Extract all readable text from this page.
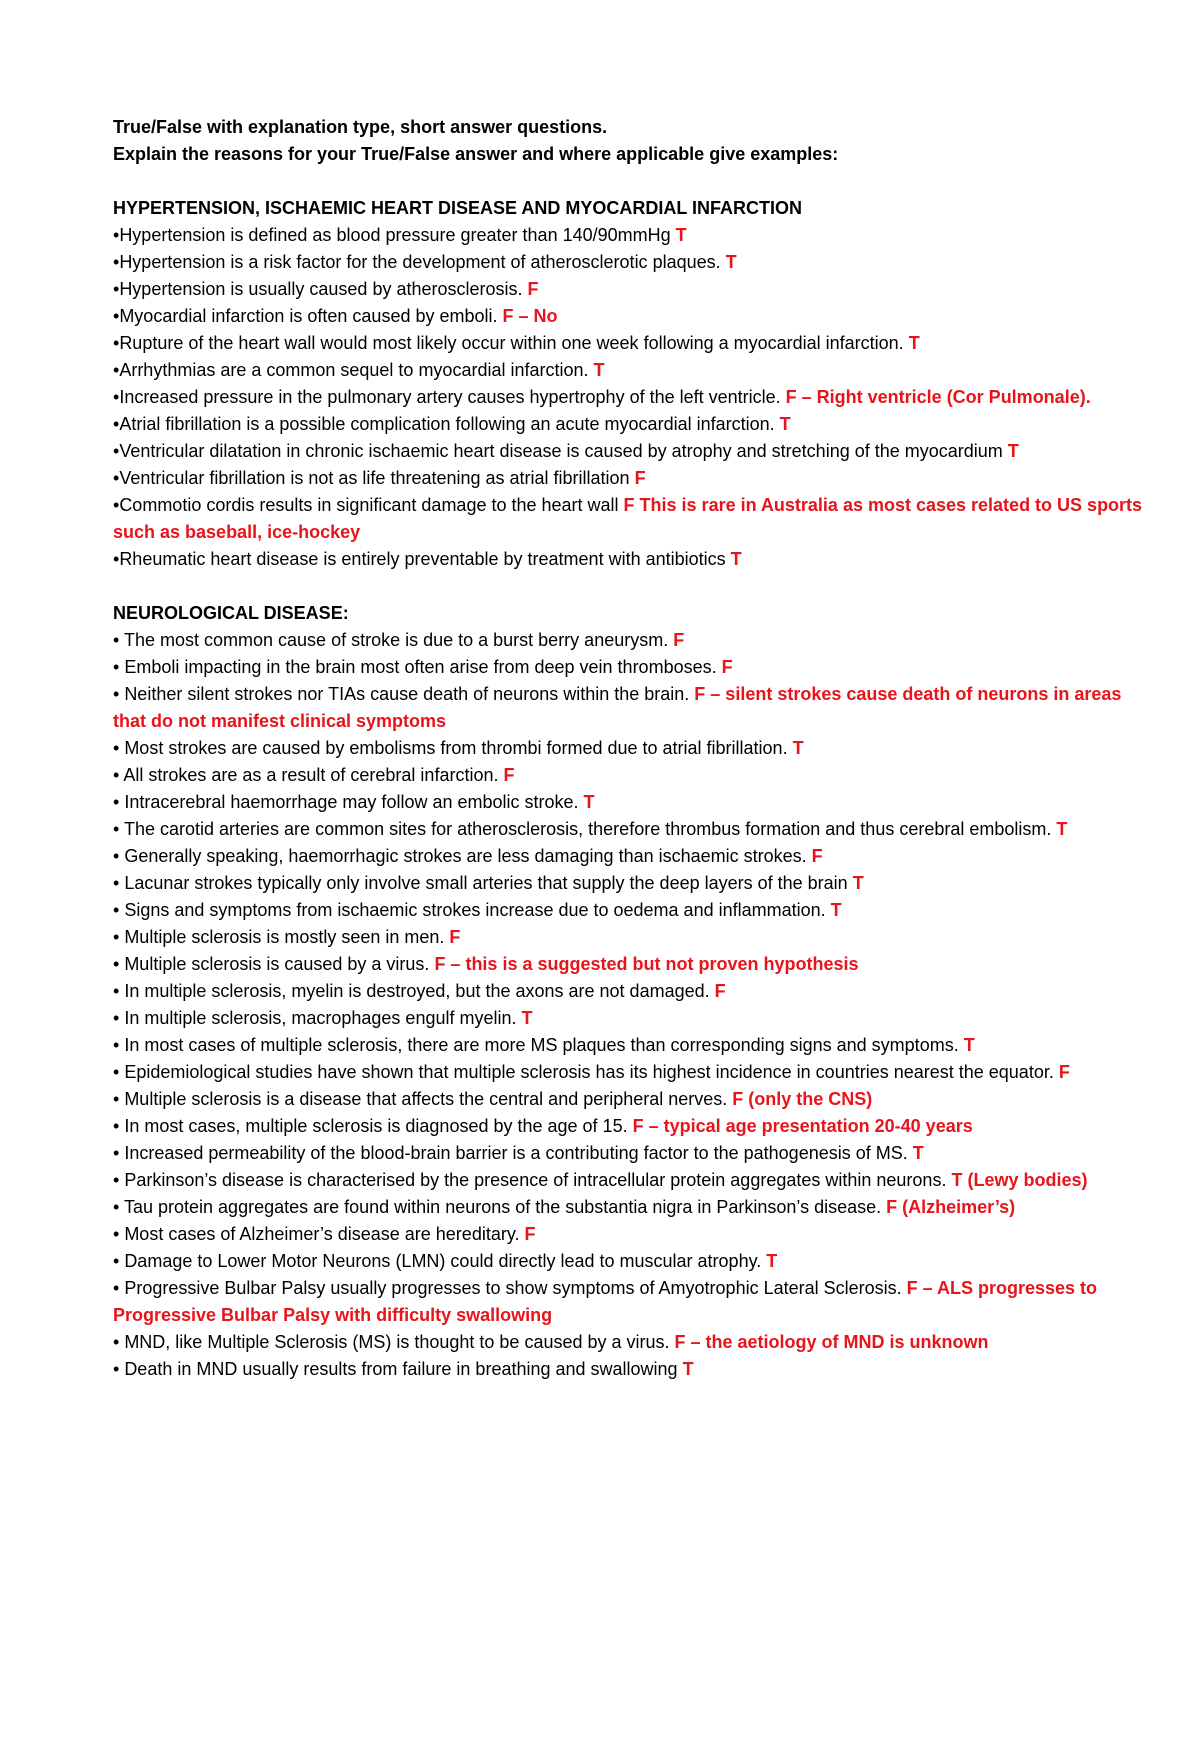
True/False with explanation type, short answer questions.
Explain the reasons for your True/False answer and where applicable give examples:
HYPERTENSION, ISCHAEMIC HEART DISEASE AND MYOCARDIAL INFARCTION
•Hypertension is defined as blood pressure greater than 140/90mmHg T
•Hypertension is a risk factor for the development of atherosclerotic plaques. T
•Hypertension is usually caused by atherosclerosis. F
•Myocardial infarction is often caused by emboli. F – No
•Rupture of the heart wall would most likely occur within one week following a myocardial infarction. T
•Arrhythmias are a common sequel to myocardial infarction. T
•Increased pressure in the pulmonary artery causes hypertrophy of the left ventricle. F – Right ventricle (Cor Pulmonale).
•Atrial fibrillation is a possible complication following an acute myocardial infarction. T
•Ventricular dilatation in chronic ischaemic heart disease is caused by atrophy and stretching of the myocardium T
•Ventricular fibrillation is not as life threatening as atrial fibrillation F
•Commotio cordis results in significant damage to the heart wall F This is rare in Australia as most cases related to US sports such as baseball, ice-hockey
•Rheumatic heart disease is entirely preventable by treatment with antibiotics T
NEUROLOGICAL DISEASE:
• The most common cause of stroke is due to a burst berry aneurysm. F
• Emboli impacting in the brain most often arise from deep vein thromboses. F
• Neither silent strokes nor TIAs cause death of neurons within the brain. F – silent strokes cause death of neurons in areas that do not manifest clinical symptoms
• Most strokes are caused by embolisms from thrombi formed due to atrial fibrillation. T
• All strokes are as a result of cerebral infarction. F
• Intracerebral haemorrhage may follow an embolic stroke. T
• The carotid arteries are common sites for atherosclerosis, therefore thrombus formation and thus cerebral embolism. T
• Generally speaking, haemorrhagic strokes are less damaging than ischaemic strokes. F
• Lacunar strokes typically only involve small arteries that supply the deep layers of the brain T
• Signs and symptoms from ischaemic strokes increase due to oedema and inflammation. T
• Multiple sclerosis is mostly seen in men. F
• Multiple sclerosis is caused by a virus. F – this is a suggested but not proven hypothesis
• In multiple sclerosis, myelin is destroyed, but the axons are not damaged. F
• In multiple sclerosis, macrophages engulf myelin. T
• In most cases of multiple sclerosis, there are more MS plaques than corresponding signs and symptoms. T
• Epidemiological studies have shown that multiple sclerosis has its highest incidence in countries nearest the equator. F
• Multiple sclerosis is a disease that affects the central and peripheral nerves. F (only the CNS)
• In most cases, multiple sclerosis is diagnosed by the age of 15. F – typical age presentation 20-40 years
• Increased permeability of the blood-brain barrier is a contributing factor to the pathogenesis of MS. T
• Parkinson’s disease is characterised by the presence of intracellular protein aggregates within neurons. T (Lewy bodies)
• Tau protein aggregates are found within neurons of the substantia nigra in Parkinson’s disease. F (Alzheimer’s)
• Most cases of Alzheimer’s disease are hereditary. F
• Damage to Lower Motor Neurons (LMN) could directly lead to muscular atrophy. T
• Progressive Bulbar Palsy usually progresses to show symptoms of Amyotrophic Lateral Sclerosis. F – ALS progresses to Progressive Bulbar Palsy with difficulty swallowing
• MND, like Multiple Sclerosis (MS) is thought to be caused by a virus. F – the aetiology of MND is unknown
• Death in MND usually results from failure in breathing and swallowing T
